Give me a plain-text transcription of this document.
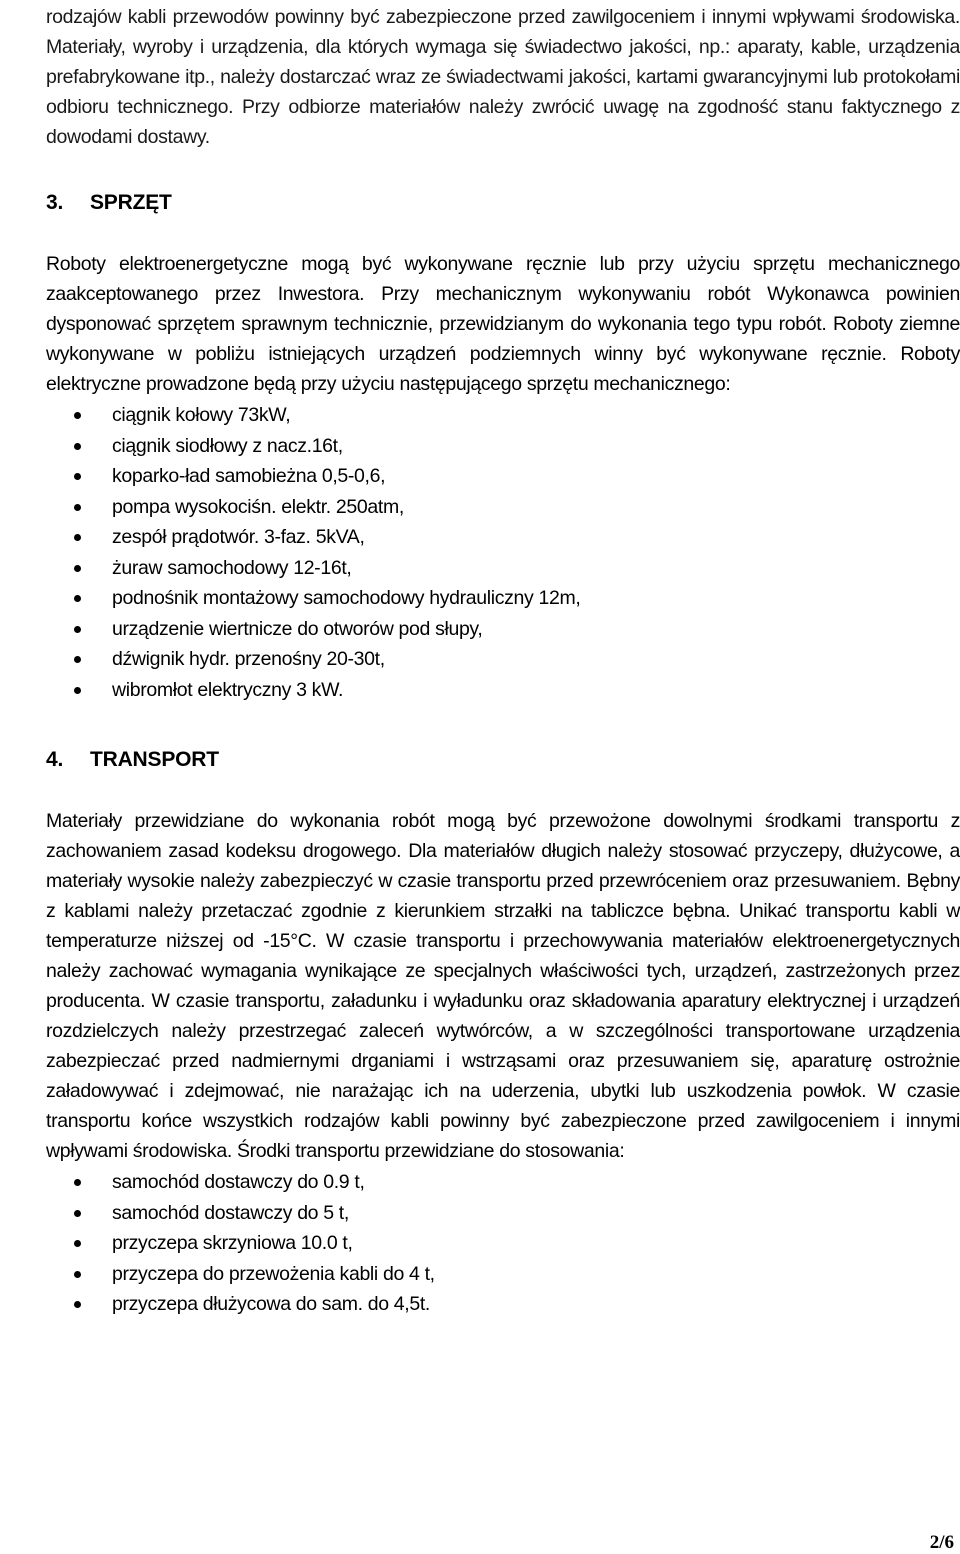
rodzajów kabli przewodów powinny być zabezpieczone przed zawilgoceniem i innymi wpływami środowiska. Materiały, wyroby i urządzenia, dla których wymaga się świadectwo jakości, np.: aparaty, kable, urządzenia prefabrykowane itp., należy dostarczać wraz ze świadectwami jakości, kartami gwarancyjnymi lub protokołami odbioru technicznego. Przy odbiorze materiałów należy zwrócić uwagę na zgodność stanu faktycznego z dowodami dostawy.

3. SPRZĘT

Roboty elektroenergetyczne mogą być wykonywane ręcznie lub przy użyciu sprzętu mechanicznego zaakceptowanego przez Inwestora. Przy mechanicznym wykonywaniu robót Wykonawca powinien dysponować sprzętem sprawnym technicznie, przewidzianym do wykonania tego typu robót. Roboty ziemne wykonywane w pobliżu istniejących urządzeń podziemnych winny być wykonywane ręcznie. Roboty elektryczne prowadzone będą przy użyciu następującego sprzętu mechanicznego:

ciągnik kołowy 73kW,
ciągnik siodłowy z nacz.16t,
koparko-ład samobieżna 0,5-0,6,
pompa wysokociśn. elektr. 250atm,
zespół prądotwór. 3-faz. 5kVA,
żuraw samochodowy 12-16t,
podnośnik montażowy samochodowy hydrauliczny 12m,
urządzenie wiertnicze do otworów pod słupy,
dźwignik hydr. przenośny 20-30t,
wibromłot elektryczny 3 kW.
4. TRANSPORT

Materiały przewidziane do wykonania robót mogą być przewożone dowolnymi środkami transportu z zachowaniem zasad kodeksu drogowego. Dla materiałów długich należy stosować przyczepy, dłużycowe, a materiały wysokie należy zabezpieczyć w czasie transportu przed przewróceniem oraz przesuwaniem. Bębny z kablami należy przetaczać zgodnie z kierunkiem strzałki na tabliczce bębna. Unikać transportu kabli w temperaturze niższej od -15°C. W czasie transportu i przechowywania materiałów elektroenergetycznych należy zachować wymagania wynikające ze specjalnych właściwości tych, urządzeń, zastrzeżonych przez producenta. W czasie transportu, załadunku i wyładunku oraz składowania aparatury elektrycznej i urządzeń rozdzielczych należy przestrzegać zaleceń wytwórców, a w szczególności transportowane urządzenia zabezpieczać przed nadmiernymi drganiami i wstrząsami oraz przesuwaniem się, aparaturę ostrożnie załadowywać i zdejmować, nie narażając ich na uderzenia, ubytki lub uszkodzenia powłok. W czasie transportu końce wszystkich rodzajów kabli powinny być zabezpieczone przed zawilgoceniem i innymi wpływami środowiska. Środki transportu przewidziane do stosowania:

samochód dostawczy do 0.9 t,
samochód dostawczy do 5 t,
przyczepa skrzyniowa 10.0 t,
przyczepa do przewożenia kabli do 4 t,
przyczepa dłużycowa do sam. do 4,5t.
2/6
